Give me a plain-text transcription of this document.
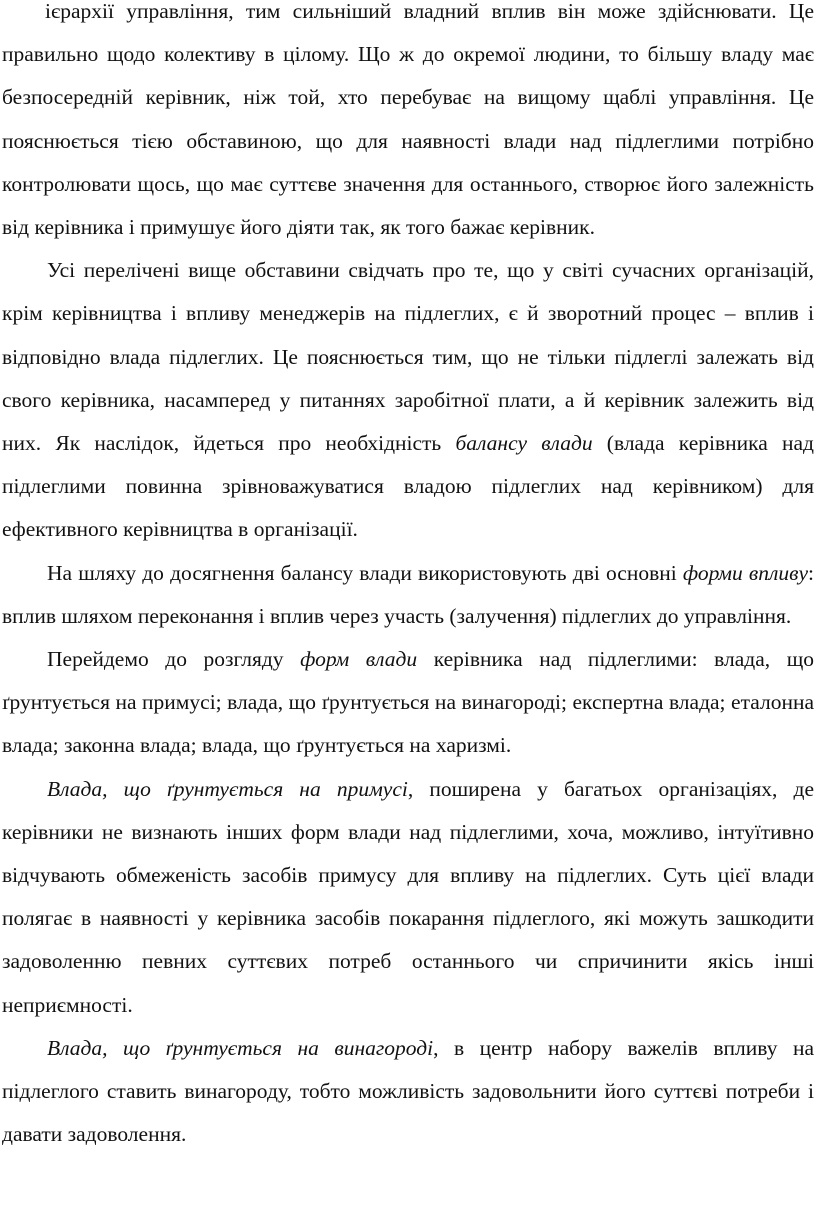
ієрархії управління, тим сильніший владний вплив він може здійснювати. Це правильно щодо колективу в цілому. Що ж до окремої людини, то більшу владу має безпосередній керівник, ніж той, хто перебуває на вищому щаблі управління. Це пояснюється тією обставиною, що для наявності влади над підлеглими потрібно контролювати щось, що має суттєве значення для останнього, створює його залежність від керівника і примушує його діяти так, як того бажає керівник.

Усі перелічені вище обставини свідчать про те, що у світі сучасних організацій, крім керівництва і впливу менеджерів на підлеглих, є й зворотний процес – вплив і відповідно влада підлеглих. Це пояснюється тим, що не тільки підлеглі залежать від свого керівника, насамперед у питаннях заробітної плати, а й керівник залежить від них. Як наслідок, йдеться про необхідність балансу влади (влада керівника над підлеглими повинна зрівноважуватися владою підлеглих над керівником) для ефективного керівництва в організації.

На шляху до досягнення балансу влади використовують дві основні форми впливу: вплив шляхом переконання і вплив через участь (залучення) підлеглих до управління.

Перейдемо до розгляду форм влади керівника над підлеглими: влада, що ґрунтується на примусі; влада, що ґрунтується на винагороді; експертна влада; еталонна влада; законна влада; влада, що ґрунтується на харизмі.

Влада, що ґрунтується на примусі, поширена у багатьох організаціях, де керівники не визнають інших форм влади над підлеглими, хоча, можливо, інтуїтивно відчувають обмеженість засобів примусу для впливу на підлеглих. Суть цієї влади полягає в наявності у керівника засобів покарання підлеглого, які можуть зашкодити задоволенню певних суттєвих потреб останнього чи спричинити якісь інші неприємності.

Влада, що ґрунтується на винагороді, в центр набору важелів впливу на підлеглого ставить винагороду, тобто можливість задовольнити його суттєві потреби і давати задоволення.
